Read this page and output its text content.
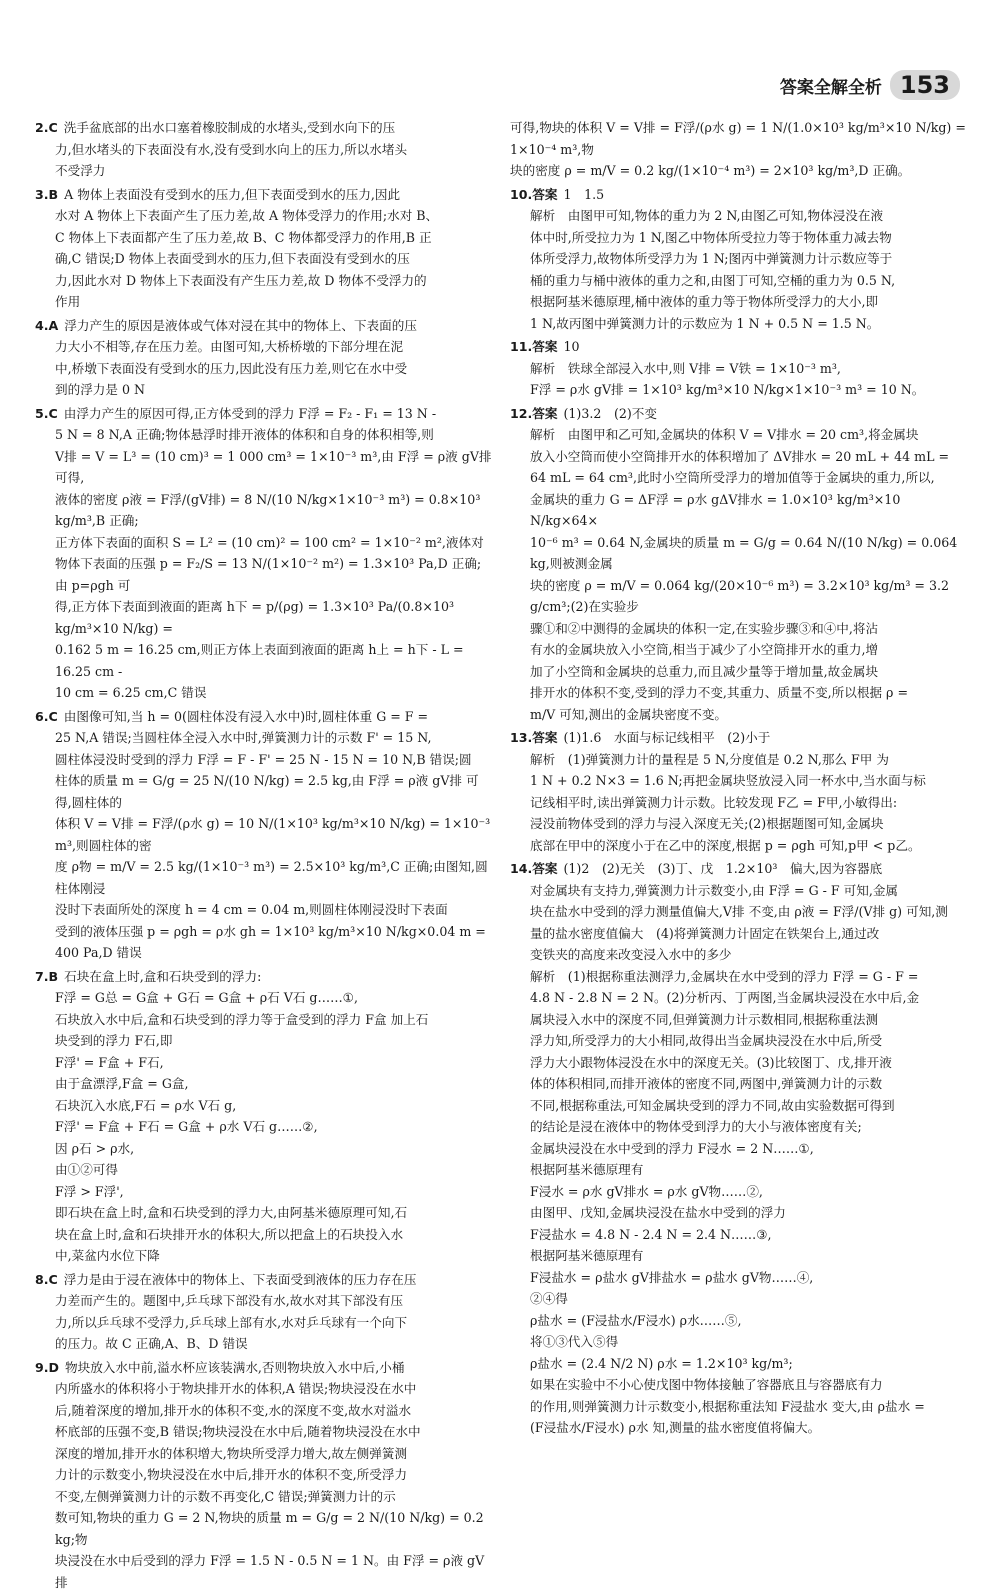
答案全解全析 153
2.C 洗手盆底部的出水口塞着橡胶制成的水堵头,受到水向下的压
力,但水堵头的下表面没有水,没有受到水向上的压力,所以水堵头
不受浮力
3.B A 物体上表面没有受到水的压力,但下表面受到水的压力,因此
水对 A 物体上下表面产生了压力差,故 A 物体受浮力的作用;水对 B、
C 物体上下表面都产生了压力差,故 B、C 物体都受浮力的作用,B 正
确,C 错误;D 物体上表面受到水的压力,但下表面没有受到水的压
力,因此水对 D 物体上下表面没有产生压力差,故 D 物体不受浮力的
作用
4.A 浮力产生的原因是液体或气体对浸在其中的物体上、下表面的压
力大小不相等,存在压力差。由图可知,大桥桥墩的下部分埋在泥
中,桥墩下表面没有受到水的压力,因此没有压力差,则它在水中受
到的浮力是 0 N
5.C 由浮力产生的原因可得,正方体受到的浮力 F浮 = F₂ - F₁ = 13 N -
5 N = 8 N,A 正确;物体悬浮时排开液体的体积和自身的体积相等,则
V排 = V = L³ = (10 cm)³ = 1 000 cm³ = 1×10⁻³ m³,由 F浮 = ρ液 gV排 可得,
液体的密度 ρ液 = F浮/(gV排) = 8 N/(10 N/kg×1×10⁻³ m³) = 0.8×10³ kg/m³,B 正确;
正方体下表面的面积 S = L² = (10 cm)² = 100 cm² = 1×10⁻² m²,液体对
物体下表面的压强 p = F₂/S = 13 N/(1×10⁻² m²) = 1.3×10³ Pa,D 正确;由 p=ρgh 可
得,正方体下表面到液面的距离 h下 = p/(ρg) = 1.3×10³ Pa/(0.8×10³ kg/m³×10 N/kg) =
0.162 5 m = 16.25 cm,则正方体上表面到液面的距离 h上 = h下 - L = 16.25 cm -
10 cm = 6.25 cm,C 错误
6.C 由图像可知,当 h = 0(圆柱体没有浸入水中)时,圆柱体重 G = F =
25 N,A 错误;当圆柱体全浸入水中时,弹簧测力计的示数 F' = 15 N,
圆柱体浸没时受到的浮力 F浮 = F - F' = 25 N - 15 N = 10 N,B 错误;圆
柱体的质量 m = G/g = 25 N/(10 N/kg) = 2.5 kg,由 F浮 = ρ液 gV排 可得,圆柱体的
体积 V = V排 = F浮/(ρ水 g) = 10 N/(1×10³ kg/m³×10 N/kg) = 1×10⁻³ m³,则圆柱体的密
度 ρ物 = m/V = 2.5 kg/(1×10⁻³ m³) = 2.5×10³ kg/m³,C 正确;由图知,圆柱体刚浸
没时下表面所处的深度 h = 4 cm = 0.04 m,则圆柱体刚浸没时下表面
受到的液体压强 p = ρgh = ρ水 gh = 1×10³ kg/m³×10 N/kg×0.04 m =
400 Pa,D 错误
7.B 石块在盒上时,盒和石块受到的浮力:
F浮 = G总 = G盒 + G石 = G盒 + ρ石 V石 g……①,
石块放入水中后,盒和石块受到的浮力等于盒受到的浮力 F盒 加上石
块受到的浮力 F石,即
F浮' = F盒 + F石,
由于盒漂浮,F盒 = G盒,
石块沉入水底,F石 = ρ水 V石 g,
F浮' = F盒 + F石 = G盒 + ρ水 V石 g……②,
因 ρ石 > ρ水,
由①②可得
F浮 > F浮',
即石块在盒上时,盒和石块受到的浮力大,由阿基米德原理可知,石
块在盒上时,盒和石块排开水的体积大,所以把盒上的石块投入水
中,菜盆内水位下降
8.C 浮力是由于浸在液体中的物体上、下表面受到液体的压力存在压
力差而产生的。题图中,乒乓球下部没有水,故水对其下部没有压
力,所以乒乓球不受浮力,乒乓球上部有水,水对乒乓球有一个向下
的压力。故 C 正确,A、B、D 错误
9.D 物块放入水中前,溢水杯应该装满水,否则物块放入水中后,小桶
内所盛水的体积将小于物块排开水的体积,A 错误;物块浸没在水中
后,随着深度的增加,排开水的体积不变,水的深度不变,故水对溢水
杯底部的压强不变,B 错误;物块浸没在水中后,随着物块浸没在水中
深度的增加,排开水的体积增大,物块所受浮力增大,故左侧弹簧测
力计的示数变小,物块浸没在水中后,排开水的体积不变,所受浮力
不变,左侧弹簧测力计的示数不再变化,C 错误;弹簧测力计的示
数可知,物块的重力 G = 2 N,物块的质量 m = G/g = 2 N/(10 N/kg) = 0.2 kg;物
块浸没在水中后受到的浮力 F浮 = 1.5 N - 0.5 N = 1 N。由 F浮 = ρ液 gV排
可得,物块的体积 V = V排 = F浮/(ρ水 g) = 1 N/(1.0×10³ kg/m³×10 N/kg) = 1×10⁻⁴ m³,物
块的密度 ρ = m/V = 0.2 kg/(1×10⁻⁴ m³) = 2×10³ kg/m³,D 正确。
10.答案 1　1.5
解析　由图甲可知,物体的重力为 2 N,由图乙可知,物体浸没在液
体中时,所受拉力为 1 N,图乙中物体所受拉力等于物体重力减去物
体所受浮力,故物体所受浮力为 1 N;图丙中弹簧测力计示数应等于
桶的重力与桶中液体的重力之和,由图丁可知,空桶的重力为 0.5 N,
根据阿基米德原理,桶中液体的重力等于物体所受浮力的大小,即
1 N,故丙图中弹簧测力计的示数应为 1 N + 0.5 N = 1.5 N。
11.答案 10
解析　铁球全部浸入水中,则 V排 = V铁 = 1×10⁻³ m³,
F浮 = ρ水 gV排 = 1×10³ kg/m³×10 N/kg×1×10⁻³ m³ = 10 N。
12.答案 (1)3.2　(2)不变
解析　由图甲和乙可知,金属块的体积 V = V排水 = 20 cm³,将金属块
放入小空筒而使小空筒排开水的体积增加了 ΔV排水 = 20 mL + 44 mL =
64 mL = 64 cm³,此时小空筒所受浮力的增加值等于金属块的重力,所以,
金属块的重力 G = ΔF浮 = ρ水 gΔV排水 = 1.0×10³ kg/m³×10 N/kg×64×
10⁻⁶ m³ = 0.64 N,金属块的质量 m = G/g = 0.64 N/(10 N/kg) = 0.064 kg,则被测金属
块的密度 ρ = m/V = 0.064 kg/(20×10⁻⁶ m³) = 3.2×10³ kg/m³ = 3.2 g/cm³;(2)在实验步
骤①和②中测得的金属块的体积一定,在实验步骤③和④中,将沾
有水的金属块放入小空筒,相当于减少了小空筒排开水的重力,增
加了小空筒和金属块的总重力,而且减少量等于增加量,故金属块
排开水的体积不变,受到的浮力不变,其重力、质量不变,所以根据 ρ =
m/V 可知,测出的金属块密度不变。
13.答案 (1)1.6　水面与标记线相平　(2)小于
解析　(1)弹簧测力计的量程是 5 N,分度值是 0.2 N,那么 F甲 为
1 N + 0.2 N×3 = 1.6 N;再把金属块竖放浸入同一杯水中,当水面与标
记线相平时,读出弹簧测力计示数。比较发现 F乙 = F甲,小敏得出:
浸没前物体受到的浮力与浸入深度无关;(2)根据题图可知,金属块
底部在甲中的深度小于在乙中的深度,根据 p = ρgh 可知,p甲 < p乙。
14.答案 (1)2　(2)无关　(3)丁、戊　1.2×10³　偏大,因为容器底
对金属块有支持力,弹簧测力计示数变小,由 F浮 = G - F 可知,金属
块在盐水中受到的浮力测量值偏大,V排 不变,由 ρ液 = F浮/(V排 g) 可知,测
量的盐水密度值偏大　(4)将弹簧测力计固定在铁架台上,通过改
变铁夹的高度来改变浸入水中的多少
解析　(1)根据称重法测浮力,金属块在水中受到的浮力 F浮 = G - F =
4.8 N - 2.8 N = 2 N。(2)分析丙、丁两图,当金属块浸没在水中后,金
属块浸入水中的深度不同,但弹簧测力计示数相同,根据称重法测
浮力知,所受浮力的大小相同,故得出当金属块浸没在水中后,所受
浮力大小跟物体浸没在水中的深度无关。(3)比较图丁、戊,排开液
体的体积相同,而排开液体的密度不同,两图中,弹簧测力计的示数
不同,根据称重法,可知金属块受到的浮力不同,故由实验数据可得到
的结论是浸在液体中的物体受到浮力的大小与液体密度有关;
金属块浸没在水中受到的浮力 F浸水 = 2 N……①,
根据阿基米德原理有
F浸水 = ρ水 gV排水 = ρ水 gV物……②,
由图甲、戊知,金属块浸没在盐水中受到的浮力
F浸盐水 = 4.8 N - 2.4 N = 2.4 N……③,
根据阿基米德原理有
F浸盐水 = ρ盐水 gV排盐水 = ρ盐水 gV物……④,
②④得
ρ盐水 = (F浸盐水/F浸水) ρ水……⑤,
将①③代入⑤得
ρ盐水 = (2.4 N/2 N) ρ水 = 1.2×10³ kg/m³;
如果在实验中不小心使戊图中物体接触了容器底且与容器底有力
的作用,则弹簧测力计示数变小,根据称重法知 F浸盐水 变大,由 ρ盐水 =
(F浸盐水/F浸水) ρ水 知,测量的盐水密度值将偏大。
